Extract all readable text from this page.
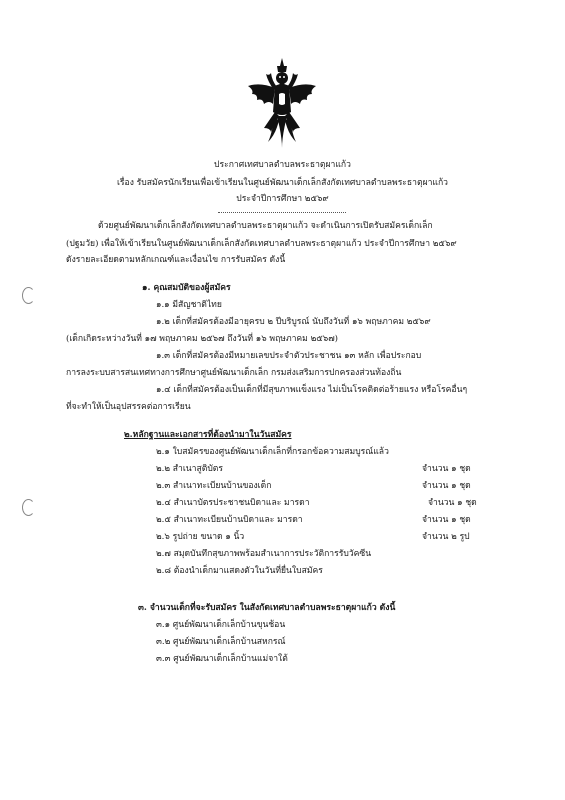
ประกาศเทศบาลตำบลพระธาตุผาแก้ว
เรื่อง รับสมัครนักเรียนเพื่อเข้าเรียนในศูนย์พัฒนาเด็กเล็กสังกัดเทศบาลตำบลพระธาตุผาแก้ว
ประจำปีการศึกษา ๒๕๖๙
ด้วยศูนย์พัฒนาเด็กเล็กสังกัดเทศบาลตำบลพระธาตุผาแก้ว จะดำเนินการเปิดรับสมัครเด็กเล็ก
(ปฐมวัย) เพื่อให้เข้าเรียนในศูนย์พัฒนาเด็กเล็กสังกัดเทศบาลตำบลพระธาตุผาแก้ว ประจำปีการศึกษา ๒๕๖๙
ดังรายละเอียดตามหลักเกณฑ์และเงื่อนไข การรับสมัคร ดังนี้
๑. คุณสมบัติของผู้สมัคร
๑.๑ มีสัญชาติไทย
๑.๒ เด็กที่สมัครต้องมีอายุครบ ๒ ปีบริบูรณ์ นับถึงวันที่ ๑๖ พฤษภาคม ๒๕๖๙
(เด็กเกิดระหว่างวันที่ ๑๗ พฤษภาคม ๒๕๖๗ ถึงวันที่ ๑๖ พฤษภาคม ๒๕๖๗)
๑.๓ เด็กที่สมัครต้องมีหมายเลขประจำตัวประชาชน ๑๓ หลัก เพื่อประกอบ
การลงระบบสารสนเทศทางการศึกษาศูนย์พัฒนาเด็กเล็ก กรมส่งเสริมการปกครองส่วนท้องถิ่น
๑.๔ เด็กที่สมัครต้องเป็นเด็กที่มีสุขภาพแข็งแรง ไม่เป็นโรคติดต่อร้ายแรง หรือโรคอื่นๆ
ที่จะทำให้เป็นอุปสรรคต่อการเรียน
๒.หลักฐานและเอกสารที่ต้องนำมาในวันสมัคร
๒.๑ ใบสมัครของศูนย์พัฒนาเด็กเล็กที่กรอกข้อความสมบูรณ์แล้ว
๒.๒ สำเนาสูติบัตร	จำนวน ๑ ชุด
๒.๓ สำเนาทะเบียนบ้านของเด็ก	จำนวน ๑ ชุด
๒.๔ สำเนาบัตรประชาชนบิดาและ มารดา	จำนวน ๑ ชุด
๒.๕ สำเนาทะเบียนบ้านบิดาและ มารดา	จำนวน ๑ ชุด
๒.๖ รูปถ่าย ขนาด ๑ นิ้ว	จำนวน ๒ รูป
๒.๗ สมุดบันทึกสุขภาพพร้อมสำเนาการประวัติการรับวัคซีน
๒.๘ ต้องนำเด็กมาแสดงตัวในวันที่ยื่นใบสมัคร
๓. จำนวนเด็กที่จะรับสมัคร ในสังกัดเทศบาลตำบลพระธาตุผาแก้ว ดังนี้
๓.๑ ศูนย์พัฒนาเด็กเล็กบ้านขุนช้อน
๓.๒ ศูนย์พัฒนาเด็กเล็กบ้านสหกรณ์
๓.๓ ศูนย์พัฒนาเด็กเล็กบ้านแม่จาใต้
